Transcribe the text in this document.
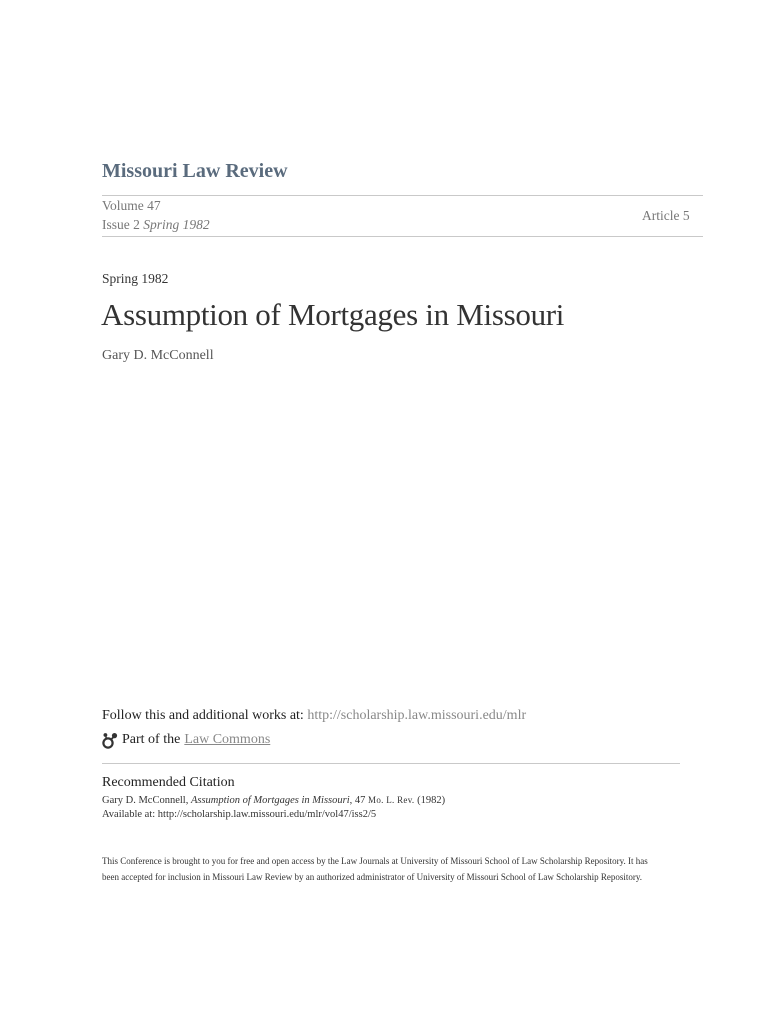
Missouri Law Review
Volume 47
Issue 2 Spring 1982
Article 5
Spring 1982
Assumption of Mortgages in Missouri
Gary D. McConnell
Follow this and additional works at: http://scholarship.law.missouri.edu/mlr
Part of the Law Commons
Recommended Citation
Gary D. McConnell, Assumption of Mortgages in Missouri, 47 Mo. L. Rev. (1982)
Available at: http://scholarship.law.missouri.edu/mlr/vol47/iss2/5
This Conference is brought to you for free and open access by the Law Journals at University of Missouri School of Law Scholarship Repository. It has
been accepted for inclusion in Missouri Law Review by an authorized administrator of University of Missouri School of Law Scholarship Repository.
